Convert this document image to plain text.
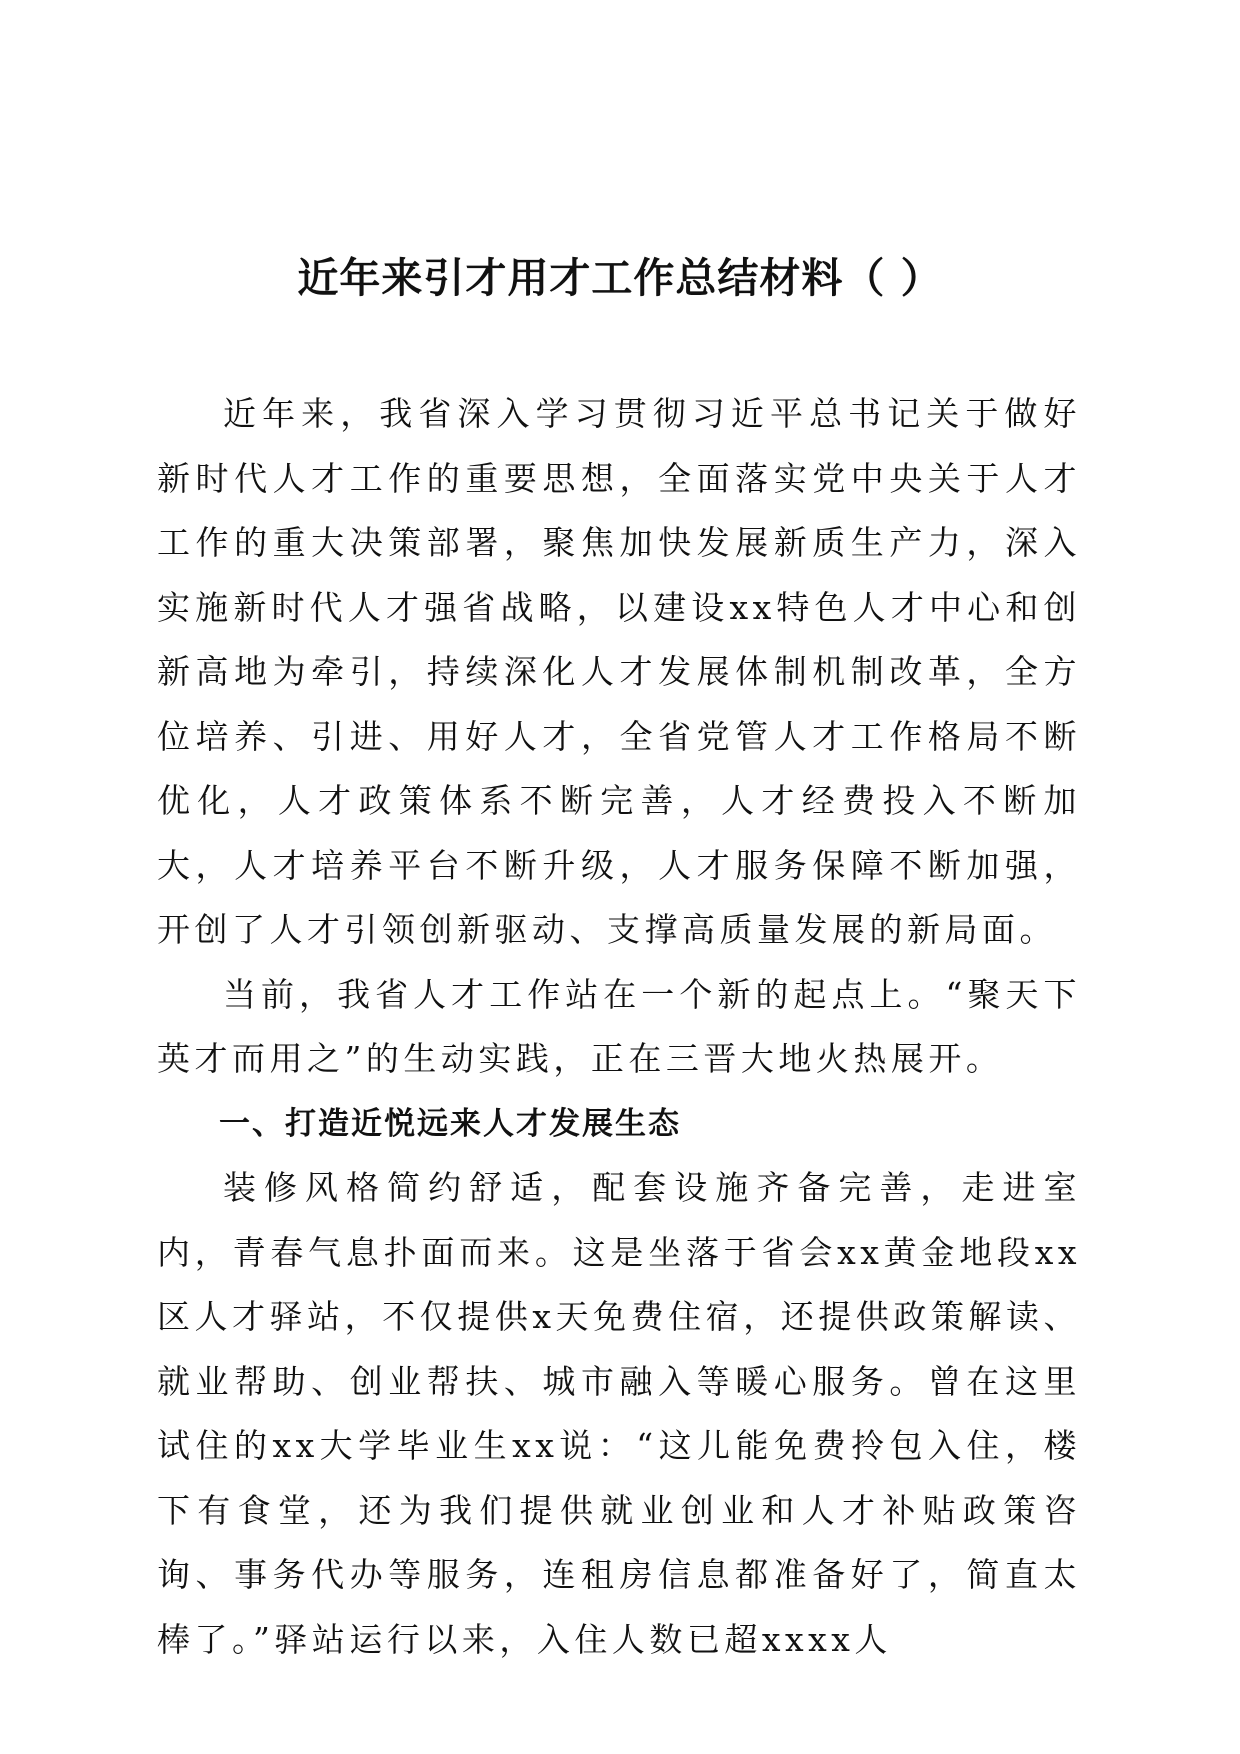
近年来引才用才工作总结材料（ ）

近年来，我省深入学习贯彻习近平总书记关于做好新时代人才工作的重要思想，全面落实党中央关于人才工作的重大决策部署，聚焦加快发展新质生产力，深入实施新时代人才强省战略，以建设xx特色人才中心和创新高地为牵引，持续深化人才发展体制机制改革，全方位培养、引进、用好人才，全省党管人才工作格局不断优化，人才政策体系不断完善，人才经费投入不断加大，人才培养平台不断升级，人才服务保障不断加强，开创了人才引领创新驱动、支撑高质量发展的新局面。

当前，我省人才工作站在一个新的起点上。“聚天下英才而用之”的生动实践，正在三晋大地火热展开。

一、打造近悦远来人才发展生态

装修风格简约舒适，配套设施齐备完善，走进室内，青春气息扑面而来。这是坐落于省会xx黄金地段xx区人才驿站，不仅提供x天免费住宿，还提供政策解读、就业帮助、创业帮扶、城市融入等暖心服务。曾在这里试住的xx大学毕业生xx说：“这儿能免费拎包入住，楼下有食堂，还为我们提供就业创业和人才补贴政策咨询、事务代办等服务，连租房信息都准备好了，简直太棒了。”驿站运行以来，入住人数已超xxxx人
